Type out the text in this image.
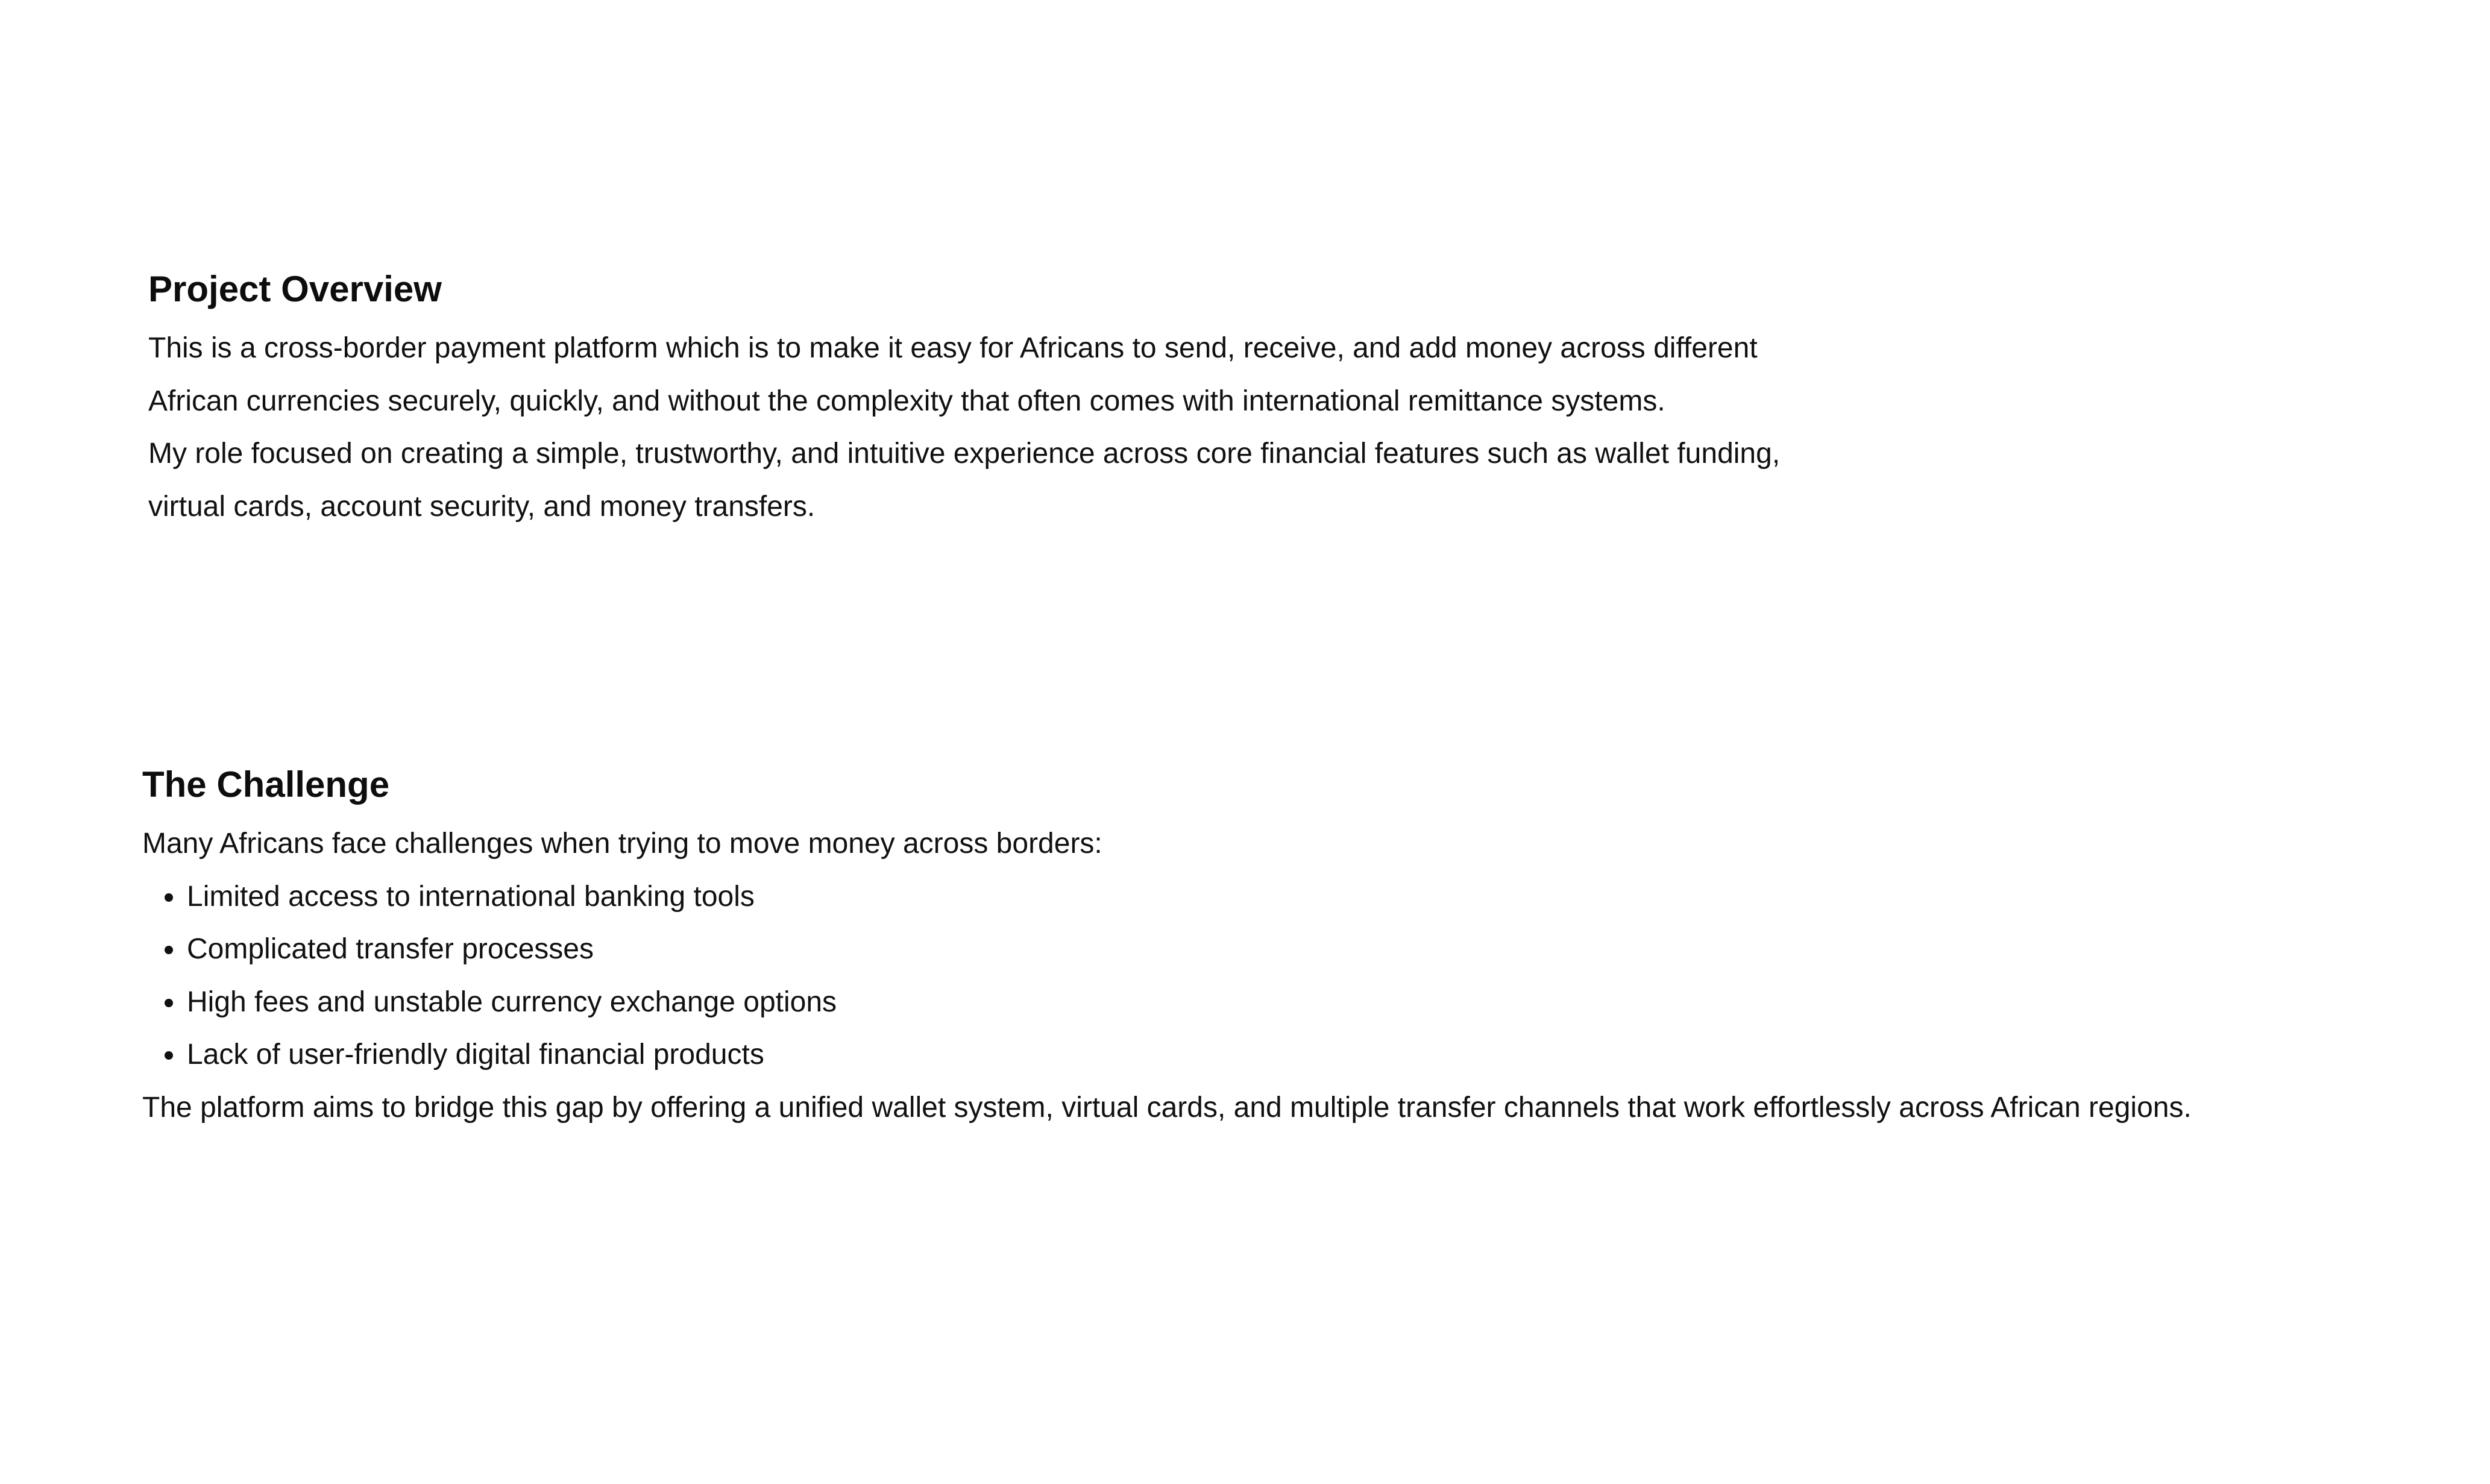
Project Overview

This is a cross-border payment platform which is to make it easy for Africans to send, receive, and add money across different African currencies securely, quickly, and without the complexity that often comes with international remittance systems.

My role focused on creating a simple, trustworthy, and intuitive experience across core financial features such as wallet funding, virtual cards, account security, and money transfers.

The Challenge

Many Africans face challenges when trying to move money across borders:

• Limited access to international banking tools
• Complicated transfer processes
• High fees and unstable currency exchange options
• Lack of user-friendly digital financial products

The platform aims to bridge this gap by offering a unified wallet system, virtual cards, and multiple transfer channels that work effortlessly across African regions.
